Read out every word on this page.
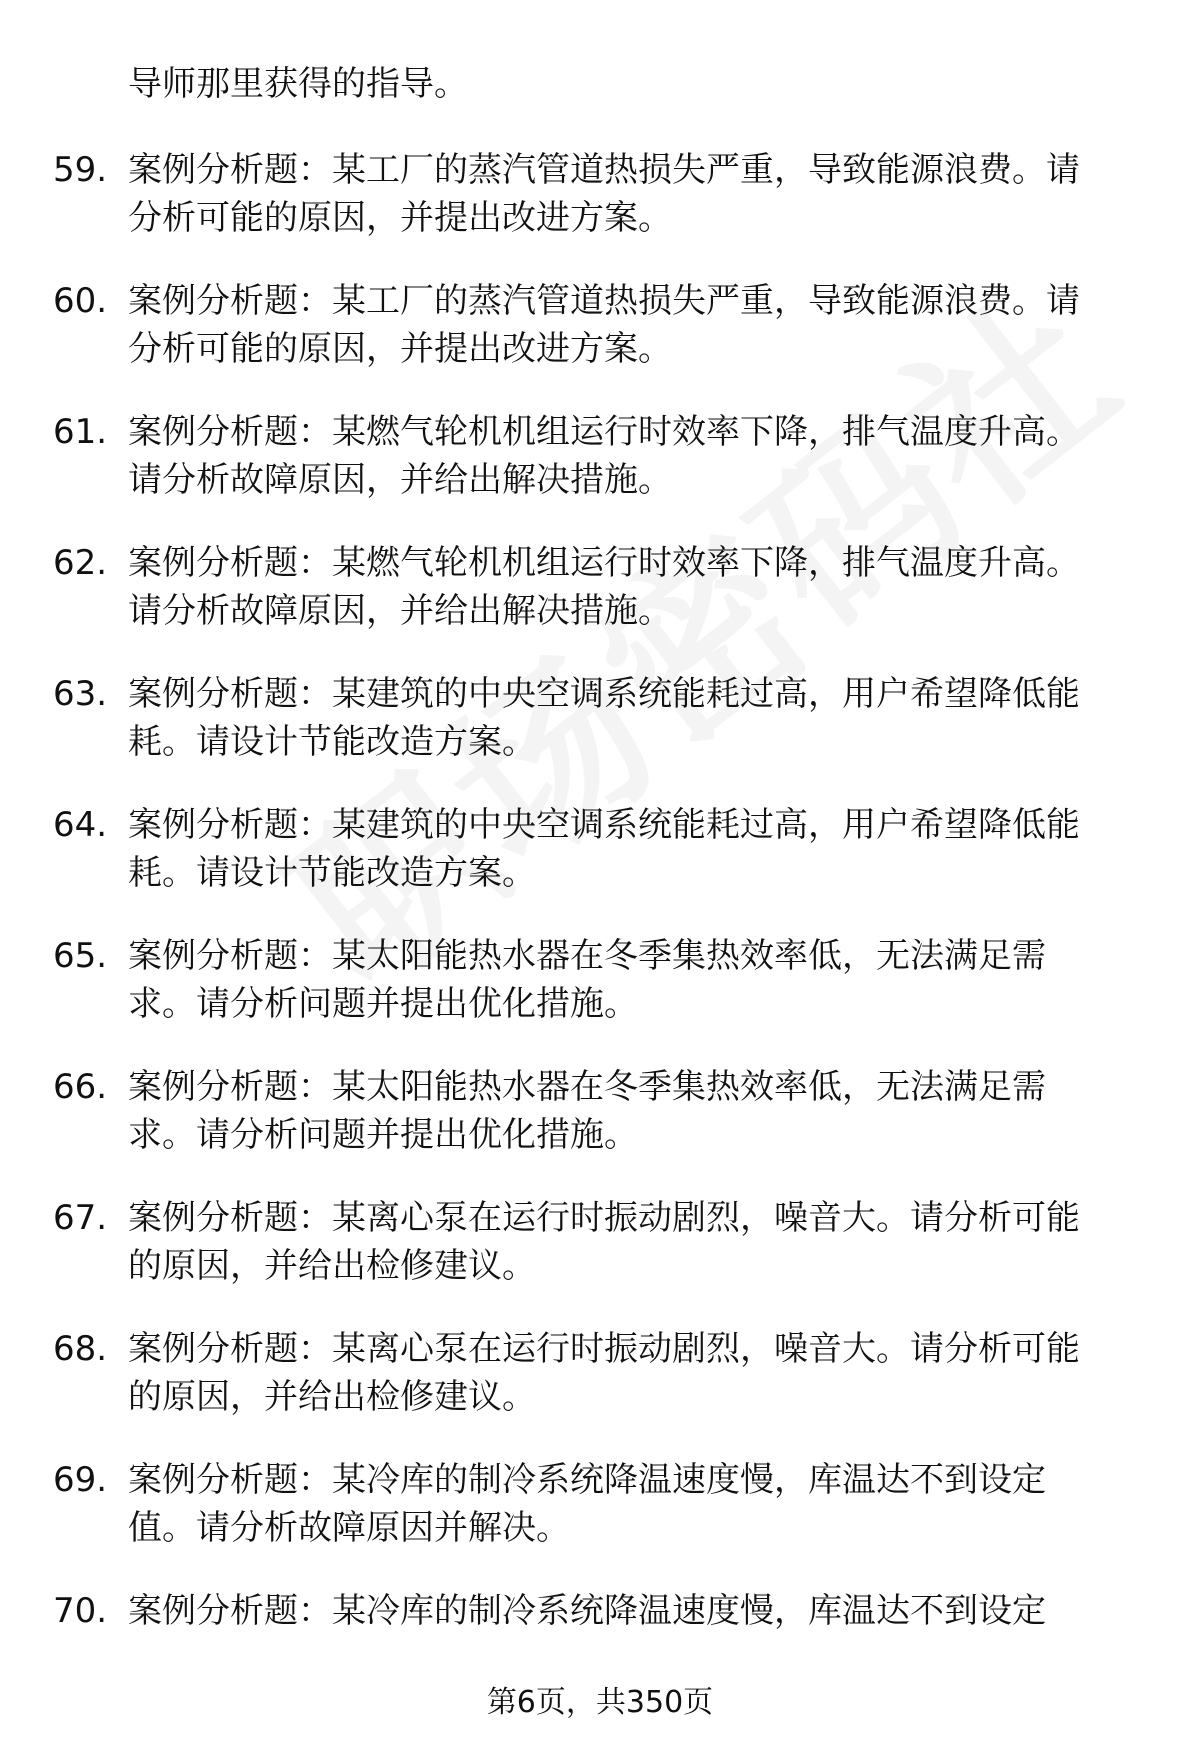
导师那里获得的指导。
59. 案例分析题：某工厂的蒸汽管道热损失严重，导致能源浪费。请
分析可能的原因，并提出改进方案。
60. 案例分析题：某工厂的蒸汽管道热损失严重，导致能源浪费。请
分析可能的原因，并提出改进方案。
61. 案例分析题：某燃气轮机机组运行时效率下降，排气温度升高。
请分析故障原因，并给出解决措施。
62. 案例分析题：某燃气轮机机组运行时效率下降，排气温度升高。
请分析故障原因，并给出解决措施。
63. 案例分析题：某建筑的中央空调系统能耗过高，用户希望降低能
耗。请设计节能改造方案。
64. 案例分析题：某建筑的中央空调系统能耗过高，用户希望降低能
耗。请设计节能改造方案。
65. 案例分析题：某太阳能热水器在冬季集热效率低，无法满足需
求。请分析问题并提出优化措施。
66. 案例分析题：某太阳能热水器在冬季集热效率低，无法满足需
求。请分析问题并提出优化措施。
67. 案例分析题：某离心泵在运行时振动剧烈，噪音大。请分析可能
的原因，并给出检修建议。
68. 案例分析题：某离心泵在运行时振动剧烈，噪音大。请分析可能
的原因，并给出检修建议。
69. 案例分析题：某冷库的制冷系统降温速度慢，库温达不到设定
值。请分析故障原因并解决。
70. 案例分析题：某冷库的制冷系统降温速度慢，库温达不到设定
第6页，共350页
